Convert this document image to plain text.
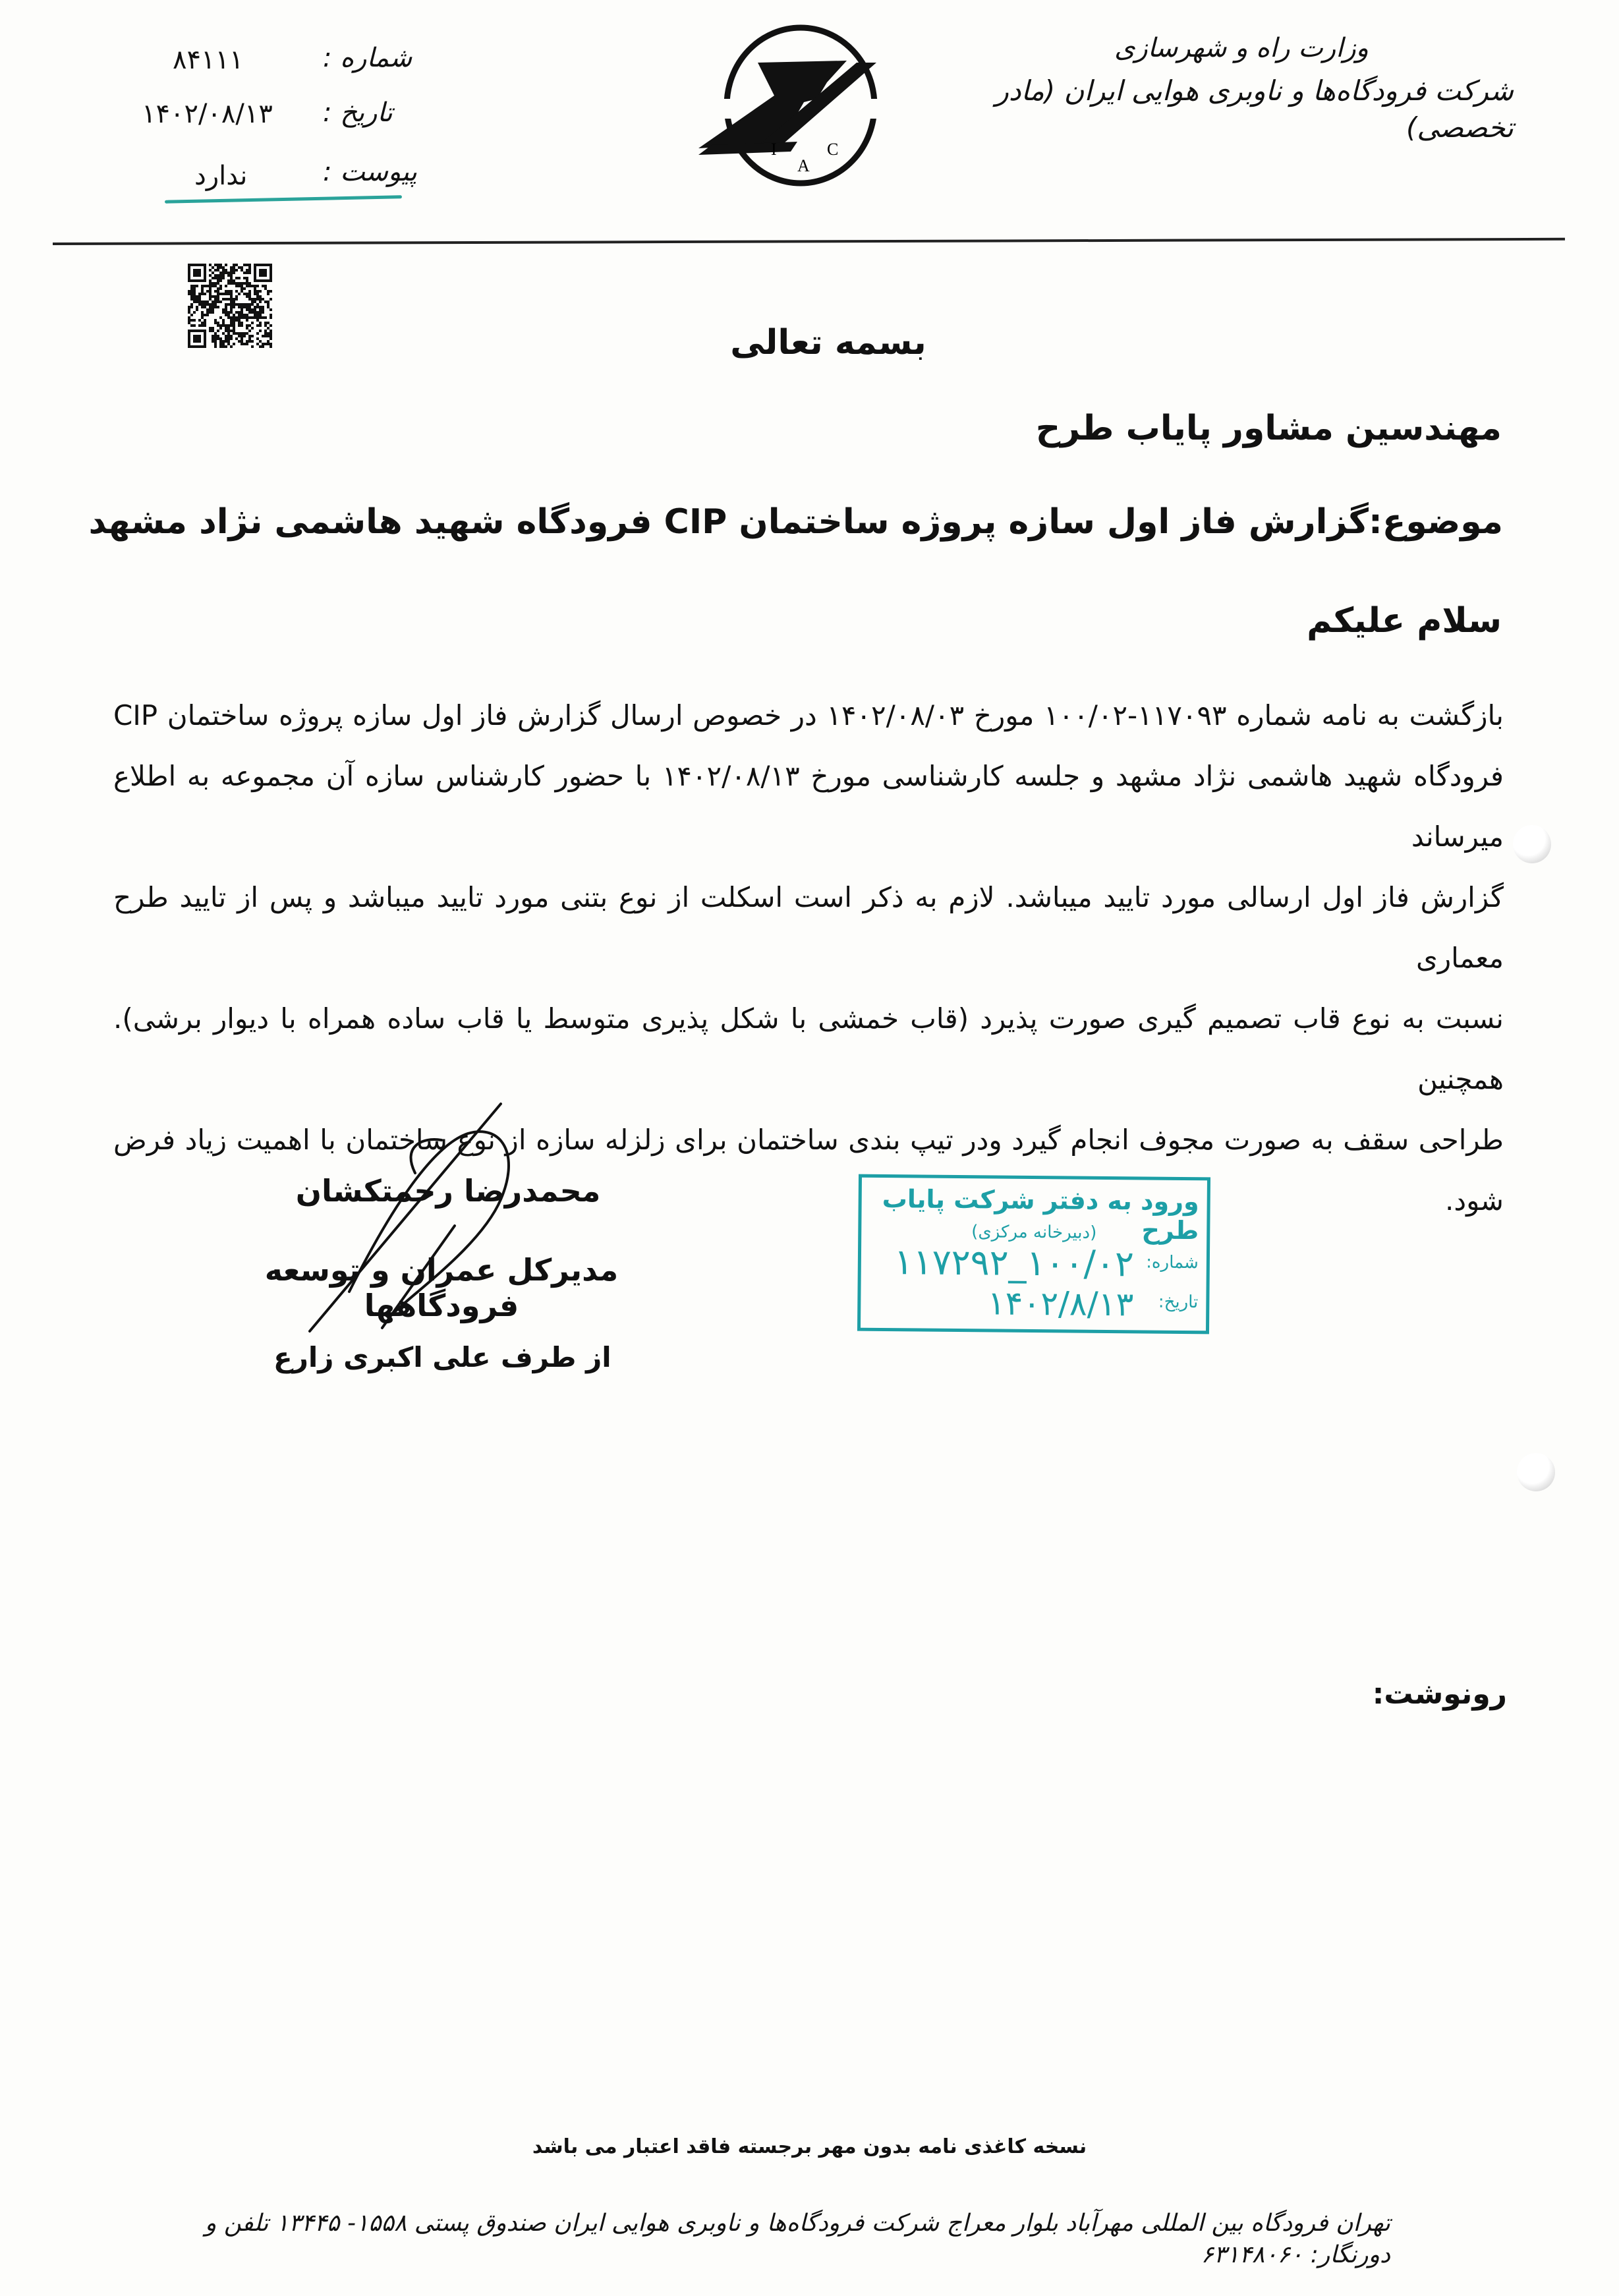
وزارت راه و شهرسازی
شرکت فرودگاه‌ها و ناوبری هوایی ایران (مادر تخصصی)
I
A
C
شماره :
۸۴۱۱۱
تاریخ :
۱۴۰۲/۰۸/۱۳
پیوست :
ندارد
بسمه تعالی
مهندسین مشاور پایاب طرح
موضوع:گزارش فاز اول سازه پروژه ساختمان CIP فرودگاه شهید هاشمی نژاد مشهد
سلام علیکم
بازگشت به نامه شماره ۱۱۷۰۹۳-۱۰۰/۰۲ مورخ ۱۴۰۲/۰۸/۰۳ در خصوص ارسال گزارش فاز اول سازه پروژه ساختمان CIP
فرودگاه شهید هاشمی نژاد مشهد و جلسه کارشناسی مورخ ۱۴۰۲/۰۸/۱۳ با حضور کارشناس سازه آن مجموعه به اطلاع میرساند
گزارش فاز اول ارسالی مورد تایید میباشد. لازم به ذکر است اسکلت از نوع بتنی مورد تایید میباشد و پس از تایید طرح معماری
نسبت به نوع قاب تصمیم گیری صورت پذیرد (قاب خمشی با شکل پذیری متوسط یا قاب ساده همراه با دیوار برشی). همچنین
طراحی سقف به صورت مجوف انجام گیرد ودر تیپ بندی ساختمان برای زلزله سازه از نوع ساختمان با اهمیت زیاد فرض شود.
محمدرضا رحمتکشان
مدیرکل عمران و توسعه فرودگاهها
از طرف
علی اکبری زارع
ورود به دفتر شرکت پایاب طرح
(دبیرخانه مرکزی)
شماره:
۱۰۰/۰۲_۱۱۷۲۹۲
تاریخ:
۱۴۰۲/۸/۱۳
رونوشت:
نسخه کاغذی نامه بدون مهر برجسته فاقد اعتبار می باشد
تهران فرودگاه بین المللی مهرآباد بلوار معراج شرکت فرودگاه‌ها و ناوبری هوایی ایران صندوق پستی ۱۵۵۸- ۱۳۴۴۵ تلفن و دورنگار: ۶۳۱۴۸۰۶۰
